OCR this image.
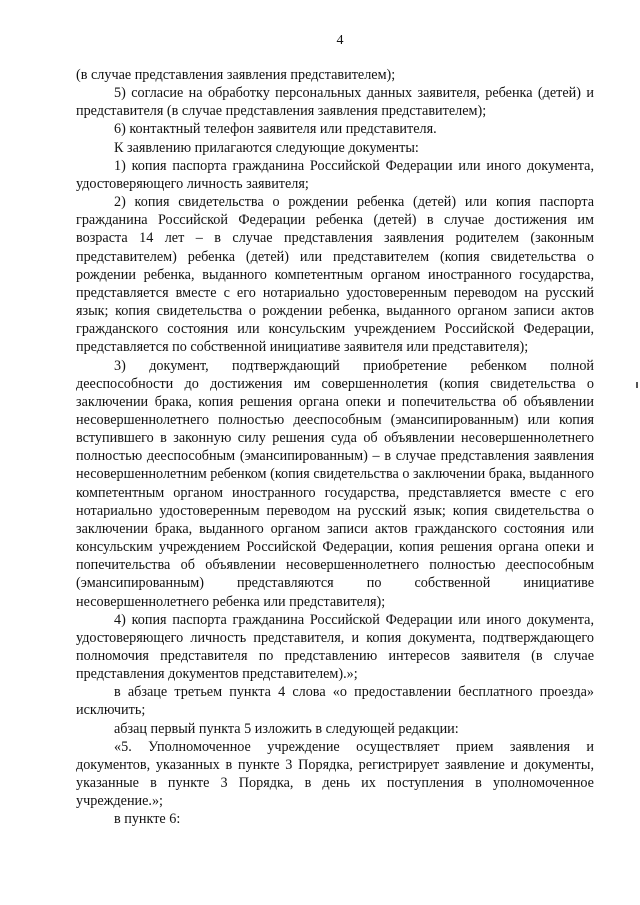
4

(в случае представления заявления представителем);

5) согласие на обработку персональных данных заявителя, ребенка (детей) и представителя (в случае представления заявления представителем);

6) контактный телефон заявителя или представителя.

К заявлению прилагаются следующие документы:

1) копия паспорта гражданина Российской Федерации или иного документа, удостоверяющего личность заявителя;

2) копия свидетельства о рождении ребенка (детей) или копия паспорта гражданина Российской Федерации ребенка (детей) в случае достижения им возраста 14 лет – в случае представления заявления родителем (законным представителем) ребенка (детей) или представителем (копия свидетельства о рождении ребенка, выданного компетентным органом иностранного государства, представляется вместе с его нотариально удостоверенным переводом на русский язык; копия свидетельства о рождении ребенка, выданного органом записи актов гражданского состояния или консульским учреждением Российской Федерации, представляется по собственной инициативе заявителя или представителя);

3) документ, подтверждающий приобретение ребенком полной дееспособности до достижения им совершеннолетия (копия свидетельства о заключении брака, копия решения органа опеки и попечительства об объявлении несовершеннолетнего полностью дееспособным (эмансипированным) или копия вступившего в законную силу решения суда об объявлении несовершеннолетнего полностью дееспособным (эмансипированным) – в случае представления заявления несовершеннолетним ребенком (копия свидетельства о заключении брака, выданного компетентным органом иностранного государства, представляется вместе с его нотариально удостоверенным переводом на русский язык; копия свидетельства о заключении брака, выданного органом записи актов гражданского состояния или консульским учреждением Российской Федерации, копия решения органа опеки и попечительства об объявлении несовершеннолетнего полностью дееспособным (эмансипированным) представляются по собственной инициативе несовершеннолетнего ребенка или представителя);

4) копия паспорта гражданина Российской Федерации или иного документа, удостоверяющего личность представителя, и копия документа, подтверждающего полномочия представителя по представлению интересов заявителя (в случае представления документов представителем).»;

в абзаце третьем пункта 4 слова «о предоставлении бесплатного проезда» исключить;

абзац первый пункта 5 изложить в следующей редакции:

«5. Уполномоченное учреждение осуществляет прием заявления и документов, указанных в пункте 3 Порядка, регистрирует заявление и документы, указанные в пункте 3 Порядка, в день их поступления в уполномоченное учреждение.»;

в пункте 6:
